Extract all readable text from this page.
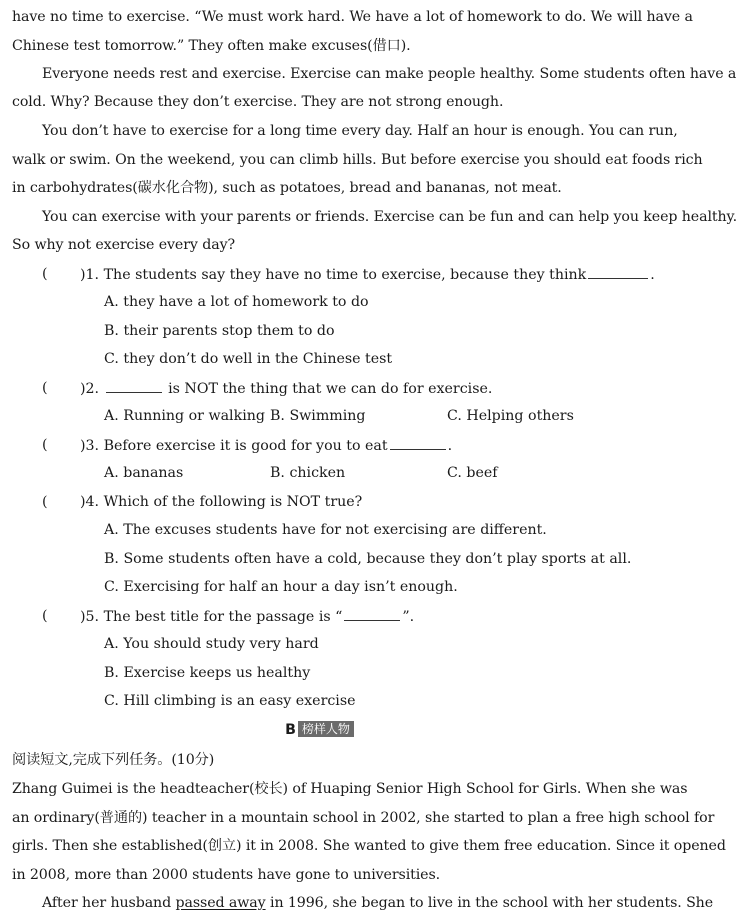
have no time to exercise. “We must work hard. We have a lot of homework to do. We will have a
Chinese test tomorrow.” They often make excuses(借口).
Everyone needs rest and exercise. Exercise can make people healthy. Some students often have a
cold. Why? Because they don’t exercise. They are not strong enough.
You don’t have to exercise for a long time every day. Half an hour is enough. You can run,
walk or swim. On the weekend, you can climb hills. But before exercise you should eat foods rich
in carbohydrates(碳水化合物), such as potatoes, bread and bananas, not meat.
You can exercise with your parents or friends. Exercise can be fun and can help you keep healthy.
So why not exercise every day?
( )1. The students say they have no time to exercise, because they think	.
A. they have a lot of homework to do
B. their parents stop them to do
C. they don’t do well in the Chinese test
( )2.	is NOT the thing that we can do for exercise.
A. Running or walking B. Swimming	C. Helping others
( )3. Before exercise it is good for you to eat	.
A. bananas	B. chicken	C. beef
( )4. Which of the following is NOT true?
A. The excuses students have for not exercising are different.
B. Some students often have a cold, because they don’t play sports at all.
C. Exercising for half an hour a day isn’t enough.
( )5. The best title for the passage is “	”.
A. You should study very hard
B. Exercise keeps us healthy
C. Hill climbing is an easy exercise
B 榜样人物
阅读短文,完成下列任务。(10分)
Zhang Guimei is the headteacher(校长) of Huaping Senior High School for Girls. When she was
an ordinary(普通的) teacher in a mountain school in 2002, she started to plan a free high school for
girls. Then she established(创立) it in 2008. She wanted to give them free education. Since it opened
in 2008, more than 2000 students have gone to universities.
After her husband passed away in 1996, she began to live in the school with her students. She
